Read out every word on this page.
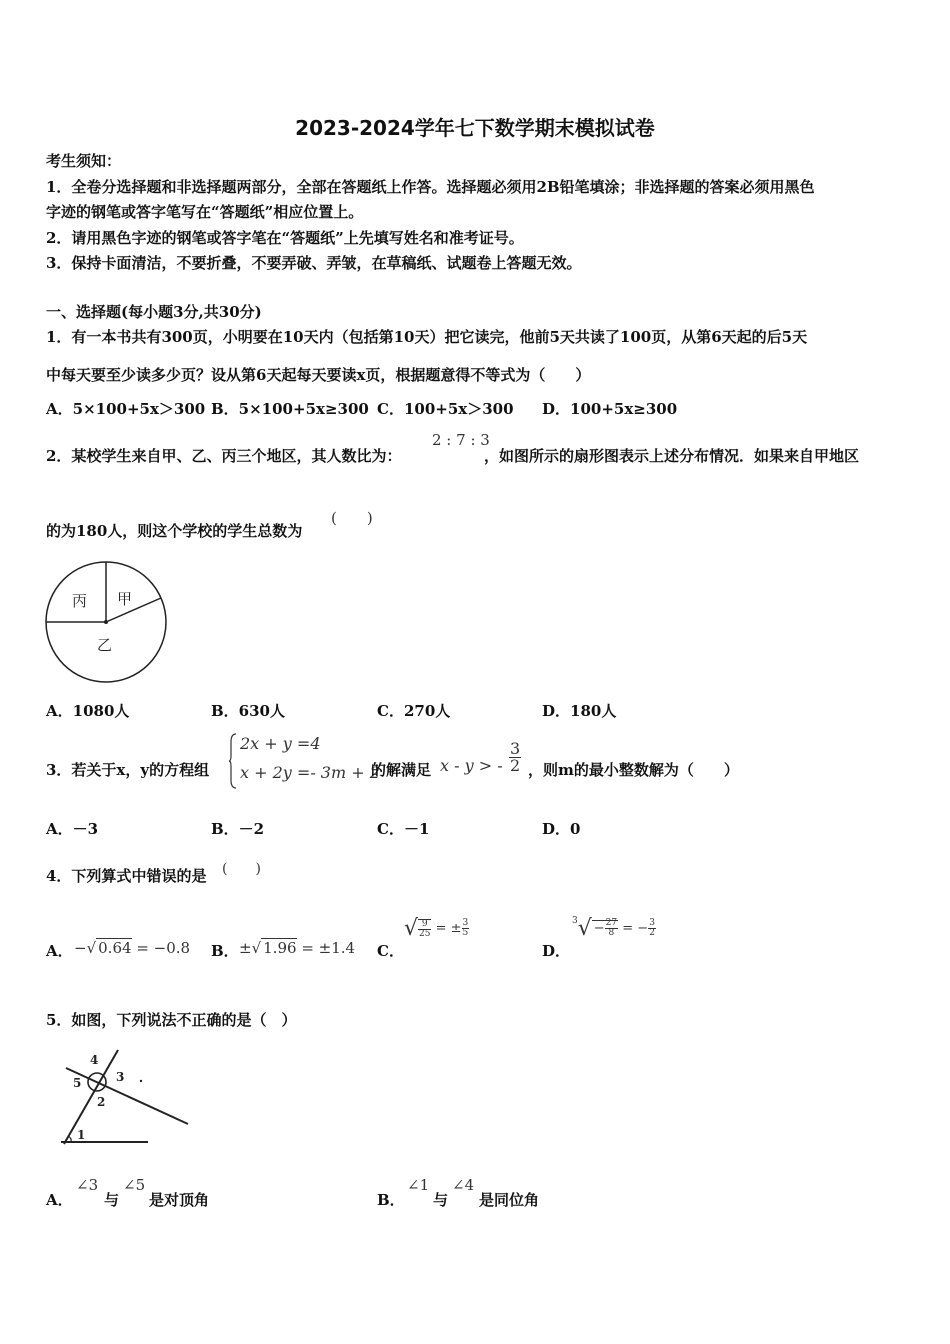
2023-2024学年七下数学期末模拟试卷
考生须知：
1．全卷分选择题和非选择题两部分，全部在答题纸上作答。选择题必须用2B铅笔填涂；非选择题的答案必须用黑色
字迹的钢笔或答字笔写在“答题纸”相应位置上。
2．请用黑色字迹的钢笔或答字笔在“答题纸”上先填写姓名和准考证号。
3．保持卡面清洁，不要折叠，不要弄破、弄皱，在草稿纸、试题卷上答题无效。
一、选择题(每小题3分,共30分)
1．有一本书共有300页，小明要在10天内（包括第10天）把它读完，他前5天共读了100页，从第6天起的后5天
中每天要至少读多少页？设从第6天起每天要读x页，根据题意得不等式为（　　）
A．5×100+5x＞300 B．5×100+5x≥300 C．100+5x＞300 D．100+5x≥300
2．某校学生来自甲、乙、丙三个地区，其人数比为：
2 : 7 : 3
，如图所示的扇形图表示上述分布情况．如果来自甲地区
的为180人，则这个学校的学生总数为
(　　)
丙 甲
乙
A．1080人	B．630人	C．270人	D．180人
3．若关于x，y的方程组
2x + y =4
x + 2y =- 3m + 2
的解满足 x - y > - $\frac{3}{2}$ ，则m的最小整数解为（　　）
A．－3	B．－2	C．－1	D．0
4．下列算式中错误的是 (　　)
A． −√ 0.64 = −0.8 B． ±√ 1.96 = ±1.4 C．
√ $\frac{9}{25}$ = ± $\frac{3}{5}$
D．
$^3√ - \frac{27}{8}$ = − $\frac{3}{2}$
5．如图，下列说法不正确的是（　）
4
5	3
2
1
A．
∠3
与
∠5
是对顶角	B．
∠1
与
∠4
是同位角
